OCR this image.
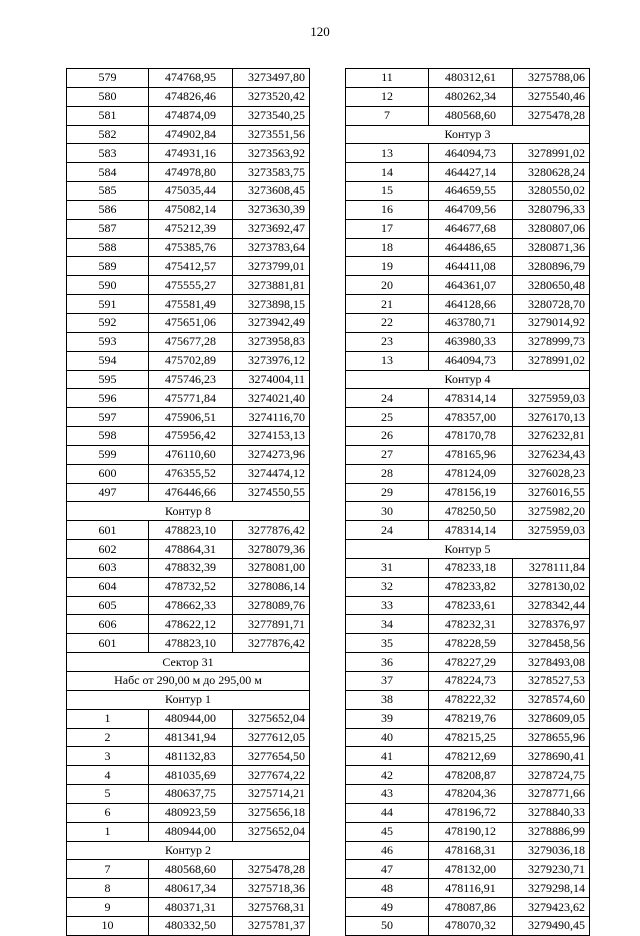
120
579	474768,95	3273497,80
580	474826,46	3273520,42
581	474874,09	3273540,25
582	474902,84	3273551,56
583	474931,16	3273563,92
584	474978,80	3273583,75
585	475035,44	3273608,45
586	475082,14	3273630,39
587	475212,39	3273692,47
588	475385,76	3273783,64
589	475412,57	3273799,01
590	475555,27	3273881,81
591	475581,49	3273898,15
592	475651,06	3273942,49
593	475677,28	3273958,83
594	475702,89	3273976,12
595	475746,23	3274004,11
596	475771,84	3274021,40
597	475906,51	3274116,70
598	475956,42	3274153,13
599	476110,60	3274273,96
600	476355,52	3274474,12
497	476446,66	3274550,55
Контур 8		
601	478823,10	3277876,42
602	478864,31	3278079,36
603	478832,39	3278081,00
604	478732,52	3278086,14
605	478662,33	3278089,76
606	478622,12	3277891,71
601	478823,10	3277876,42
Сектор 31		
Набс от 290,00 м до 295,00 м		
Контур 1		
1	480944,00	3275652,04
2	481341,94	3277612,05
3	481132,83	3277654,50
4	481035,69	3277674,22
5	480637,75	3275714,21
6	480923,59	3275656,18
1	480944,00	3275652,04
Контур 2		
7	480568,60	3275478,28
8	480617,34	3275718,36
9	480371,31	3275768,31
10	480332,50	3275781,37
11	480312,61	3275788,06
12	480262,34	3275540,46
7	480568,60	3275478,28
Контур 3		
13	464094,73	3278991,02
14	464427,14	3280628,24
15	464659,55	3280550,02
16	464709,56	3280796,33
17	464677,68	3280807,06
18	464486,65	3280871,36
19	464411,08	3280896,79
20	464361,07	3280650,48
21	464128,66	3280728,70
22	463780,71	3279014,92
23	463980,33	3278999,73
13	464094,73	3278991,02
Контур 4		
24	478314,14	3275959,03
25	478357,00	3276170,13
26	478170,78	3276232,81
27	478165,96	3276234,43
28	478124,09	3276028,23
29	478156,19	3276016,55
30	478250,50	3275982,20
24	478314,14	3275959,03
Контур 5		
31	478233,18	3278111,84
32	478233,82	3278130,02
33	478233,61	3278342,44
34	478232,31	3278376,97
35	478228,59	3278458,56
36	478227,29	3278493,08
37	478224,73	3278527,53
38	478222,32	3278574,60
39	478219,76	3278609,05
40	478215,25	3278655,96
41	478212,69	3278690,41
42	478208,87	3278724,75
43	478204,36	3278771,66
44	478196,72	3278840,33
45	478190,12	3278886,99
46	478168,31	3279036,18
47	478132,00	3279230,71
48	478116,91	3279298,14
49	478087,86	3279423,62
50	478070,32	3279490,45
